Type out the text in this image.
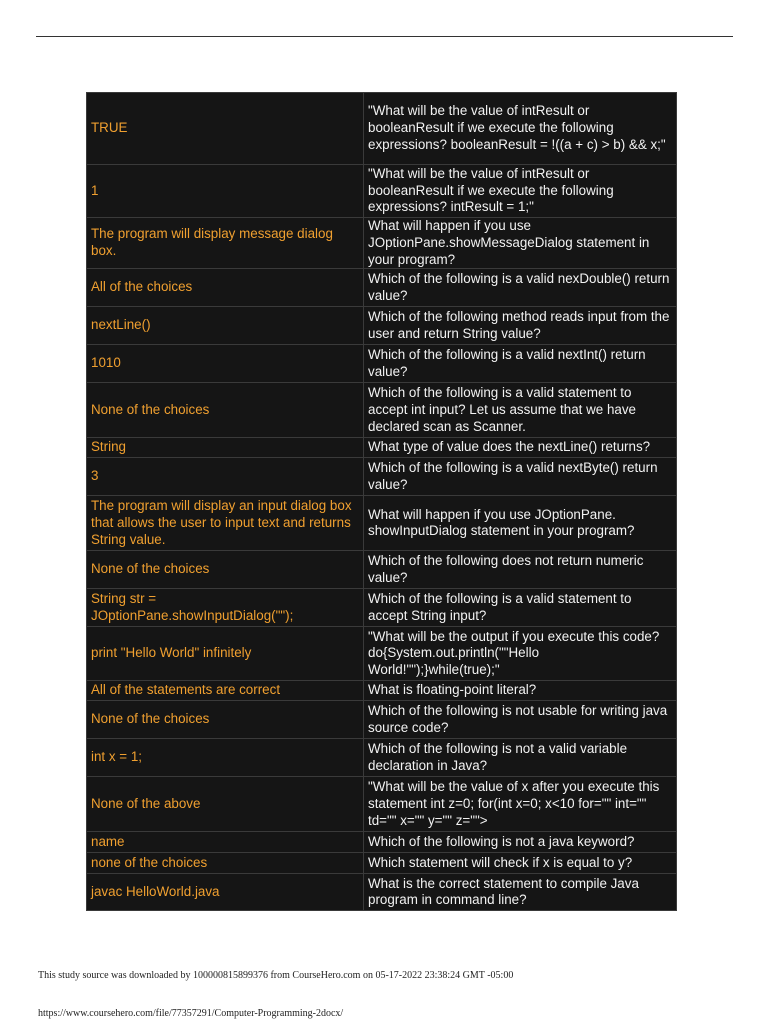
TRUE	"What will be the value of intResult or booleanResult if we execute the following expressions? booleanResult = !((a + c) > b) && x;"
1	"What will be the value of intResult or booleanResult if we execute the following expressions? intResult = 1;"
The program will display message dialog box.	What will happen if you use JOptionPane.showMessageDialog statement in your program?
All of the choices	Which of the following is a valid nexDouble() return value?
nextLine()	Which of the following method reads input from the user and return String value?
1010	Which of the following is a valid nextInt() return value?
None of the choices	Which of the following is a valid statement to accept int input? Let us assume that we have declared scan as Scanner.
String	What type of value does the nextLine() returns?
3	Which of the following is a valid nextByte() return value?
The program will display an input dialog box that allows the user to input text and returns String value.	What will happen if you use JOptionPane. showInputDialog statement in your program?
None of the choices	Which of the following does not return numeric value?
String str = JOptionPane.showInputDialog("");	Which of the following is a valid statement to accept String input?
print "Hello World" infinitely	"What will be the output if you execute this code? do{System.out.println(""Hello World!"");}while(true);"
All of the statements are correct	What is floating-point literal?
None of the choices	Which of the following is not usable for writing java source code?
int x = 1;	Which of the following is not a valid variable declaration in Java?
None of the above	"What will be the value of x after you execute this statement int z=0; for(int x=0; x<10 for="" int="" td="" x="" y="" z="">
name	Which of the following is not a java keyword?
none of the choices	Which statement will check if x is equal to y?
javac HelloWorld.java	What is the correct statement to compile Java program in command line?
This study source was downloaded by 100000815899376 from CourseHero.com on 05-17-2022 23:38:24 GMT -05:00
https://www.coursehero.com/file/77357291/Computer-Programming-2docx/
